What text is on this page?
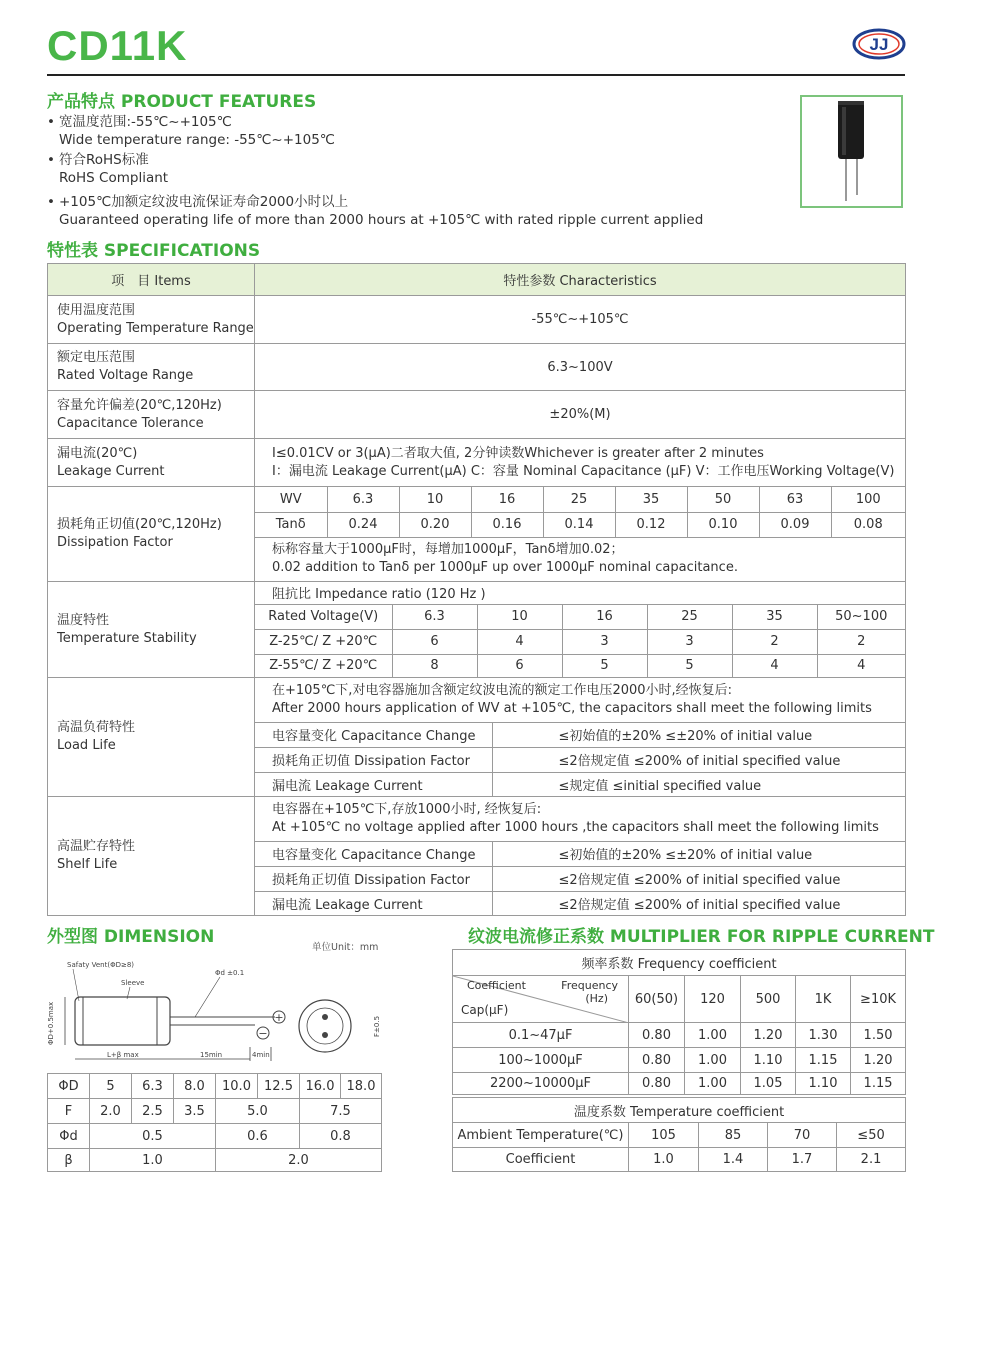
CD11K	JJ
产品特点 PRODUCT FEATURES
• 宽温度范围:-55℃~+105℃
Wide temperature range: -55℃~+105℃
• 符合RoHS标准
RoHS Compliant
• +105℃加额定纹波电流保证寿命2000小时以上
Guaranteed operating life of more than 2000 hours at +105℃ with rated ripple current applied
特性表 SPECIFICATIONS
项　目 Items	特性参数 Characteristics

使用温度范围
Operating Temperature Range
	-55℃~+105℃

额定电压范围
Rated Voltage Range
	6.3~100V

容量允许偏差(20℃,120Hz)
Capacitance Tolerance
	±20%(M)

漏电流(20℃)
Leakage Current

I≤0.01CV or 3(μA)二者取大值, 2分钟读数Whichever is greater after 2 minutes
I：漏电流 Leakage Current(μA) C：容量 Nominal Capacitance (μF) V：工作电压Working Voltage(V)

损耗角正切值(20℃,120Hz)
Dissipation Factor

WV	6.3	10	16	25	35	50	63	100
Tanδ	0.24	0.20	0.16	0.14	0.12	0.10	0.09	0.08

标称容量大于1000μF时，每增加1000μF，Tanδ增加0.02；
0.02 addition to Tanδ per 1000μF up over 1000μF nominal capacitance.

温度特性
Temperature Stability

阻抗比 Impedance ratio (120 Hz )
Rated Voltage(V)	6.3	10	16	25	35	50~100
Z-25℃/ Z +20℃	6	4	3	3	2	2
Z-55℃/ Z +20℃	8	6	5	5	4	4

高温负荷特性
Load Life

在+105℃下,对电容器施加含额定纹波电流的额定工作电压2000小时,经恢复后:
After 2000 hours application of WV at +105℃, the capacitors shall meet the following limits

电容量变化 Capacitance Change	≤初始值的±20% ≤±20% of initial value
损耗角正切值 Dissipation Factor	≤2倍规定值 ≤200% of initial specified value
漏电流 Leakage Current	≤规定值 ≤initial specified value

高温贮存特性
Shelf Life

电容器在+105℃下,存放1000小时, 经恢复后:
At +105℃ no voltage applied after 1000 hours ,the capacitors shall meet the following limits

电容量变化 Capacitance Change	≤初始值的±20% ≤±20% of initial value
损耗角正切值 Dissipation Factor	≤2倍规定值 ≤200% of initial specified value
漏电流 Leakage Current	≤2倍规定值 ≤200% of initial specified value
外型图 DIMENSION
单位Unit：mm
+
−
ΦD+0.5max
L+β max	15min	4min
Safaty Vent(ΦD≥8)
Sleeve
Φd ±0.1
F±0.5
ΦD	5	6.3	8.0	10.0	12.5	16.0	18.0
F	2.0	2.5	3.5	5.0		7.5	
Φd	0.5			0.6		0.8	
β	1.0			2.0			
纹波电流修正系数 MULTIPLIER FOR RIPPLE CURRENT
频率系数 Frequency coefficient					

Coefficient Frequency
(Hz)
Cap(μF)	60(50)	120	500	1K	≥10K
0.1~47μF	0.80	1.00	1.20	1.30	1.50
100~1000μF	0.80	1.00	1.10	1.15	1.20
2200~10000μF	0.80	1.00	1.05	1.10	1.15
温度系数 Temperature coefficient				
Ambient Temperature(℃)	105	85	70	≤50
Coefficient	1.0	1.4	1.7	2.1
